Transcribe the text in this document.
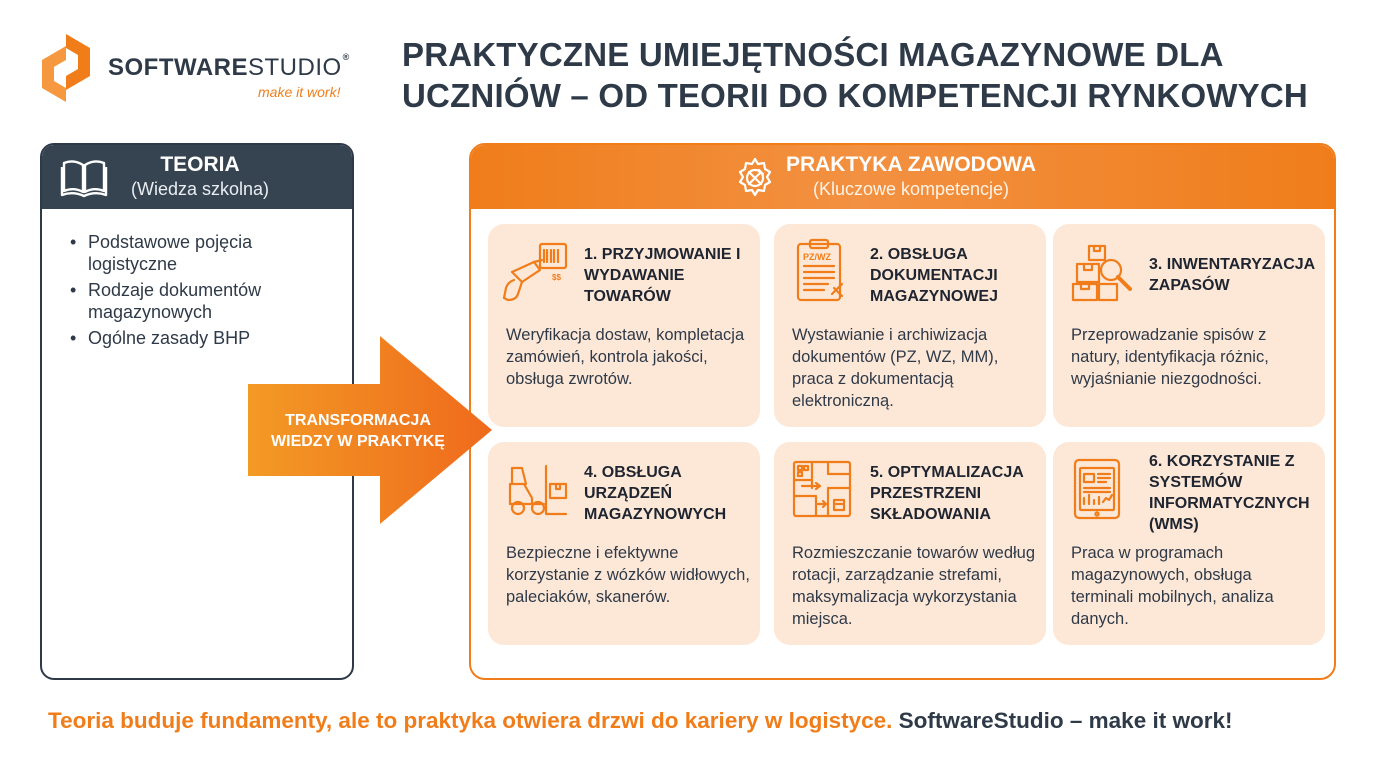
SOFTWARESTUDIO®
make it work!
PRAKTYCZNE UMIEJĘTNOŚCI MAGAZYNOWE DLA
UCZNIÓW – OD TEORII DO KOMPETENCJI RYNKOWYCH
TEORIA
(Wiedza szkolna)
• Podstawowe pojęcia logistyczne
• Rodzaje dokumentów magazynowych
• Ogólne zasady BHP
PRAKTYKA ZAWODOWA
(Kluczowe kompetencje)
$$
1. PRZYJMOWANIE I WYDAWANIE TOWARÓW
Weryfikacja dostaw, kompletacja zamówień, kontrola jakości, obsługa zwrotów.
PZ/WZ 2. OBSŁUGA DOKUMENTACJI MAGAZYNOWEJ
Wystawianie i archiwizacja dokumentów (PZ, WZ, MM), praca z dokumentacją elektroniczną.
3. INWENTARYZACJA ZAPASÓW
Przeprowadzanie spisów z natury, identyfikacja różnic, wyjaśnianie niezgodności.
4. OBSŁUGA URZĄDZEŃ MAGAZYNOWYCH
Bezpieczne i efektywne korzystanie z wózków widłowych, paleciaków, skanerów.
5. OPTYMALIZACJA PRZESTRZENI SKŁADOWANIA
Rozmieszczanie towarów według rotacji, zarządzanie strefami, maksymalizacja wykorzystania miejsca.
6. KORZYSTANIE Z SYSTEMÓW INFORMATYCZNYCH (WMS)
Praca w programach magazynowych, obsługa terminali mobilnych, analiza danych.
TRANSFORMACJA WIEDZY W PRAKTYKĘ
Teoria buduje fundamenty, ale to praktyka otwiera drzwi do kariery w logistyce. SoftwareStudio – make it work!
